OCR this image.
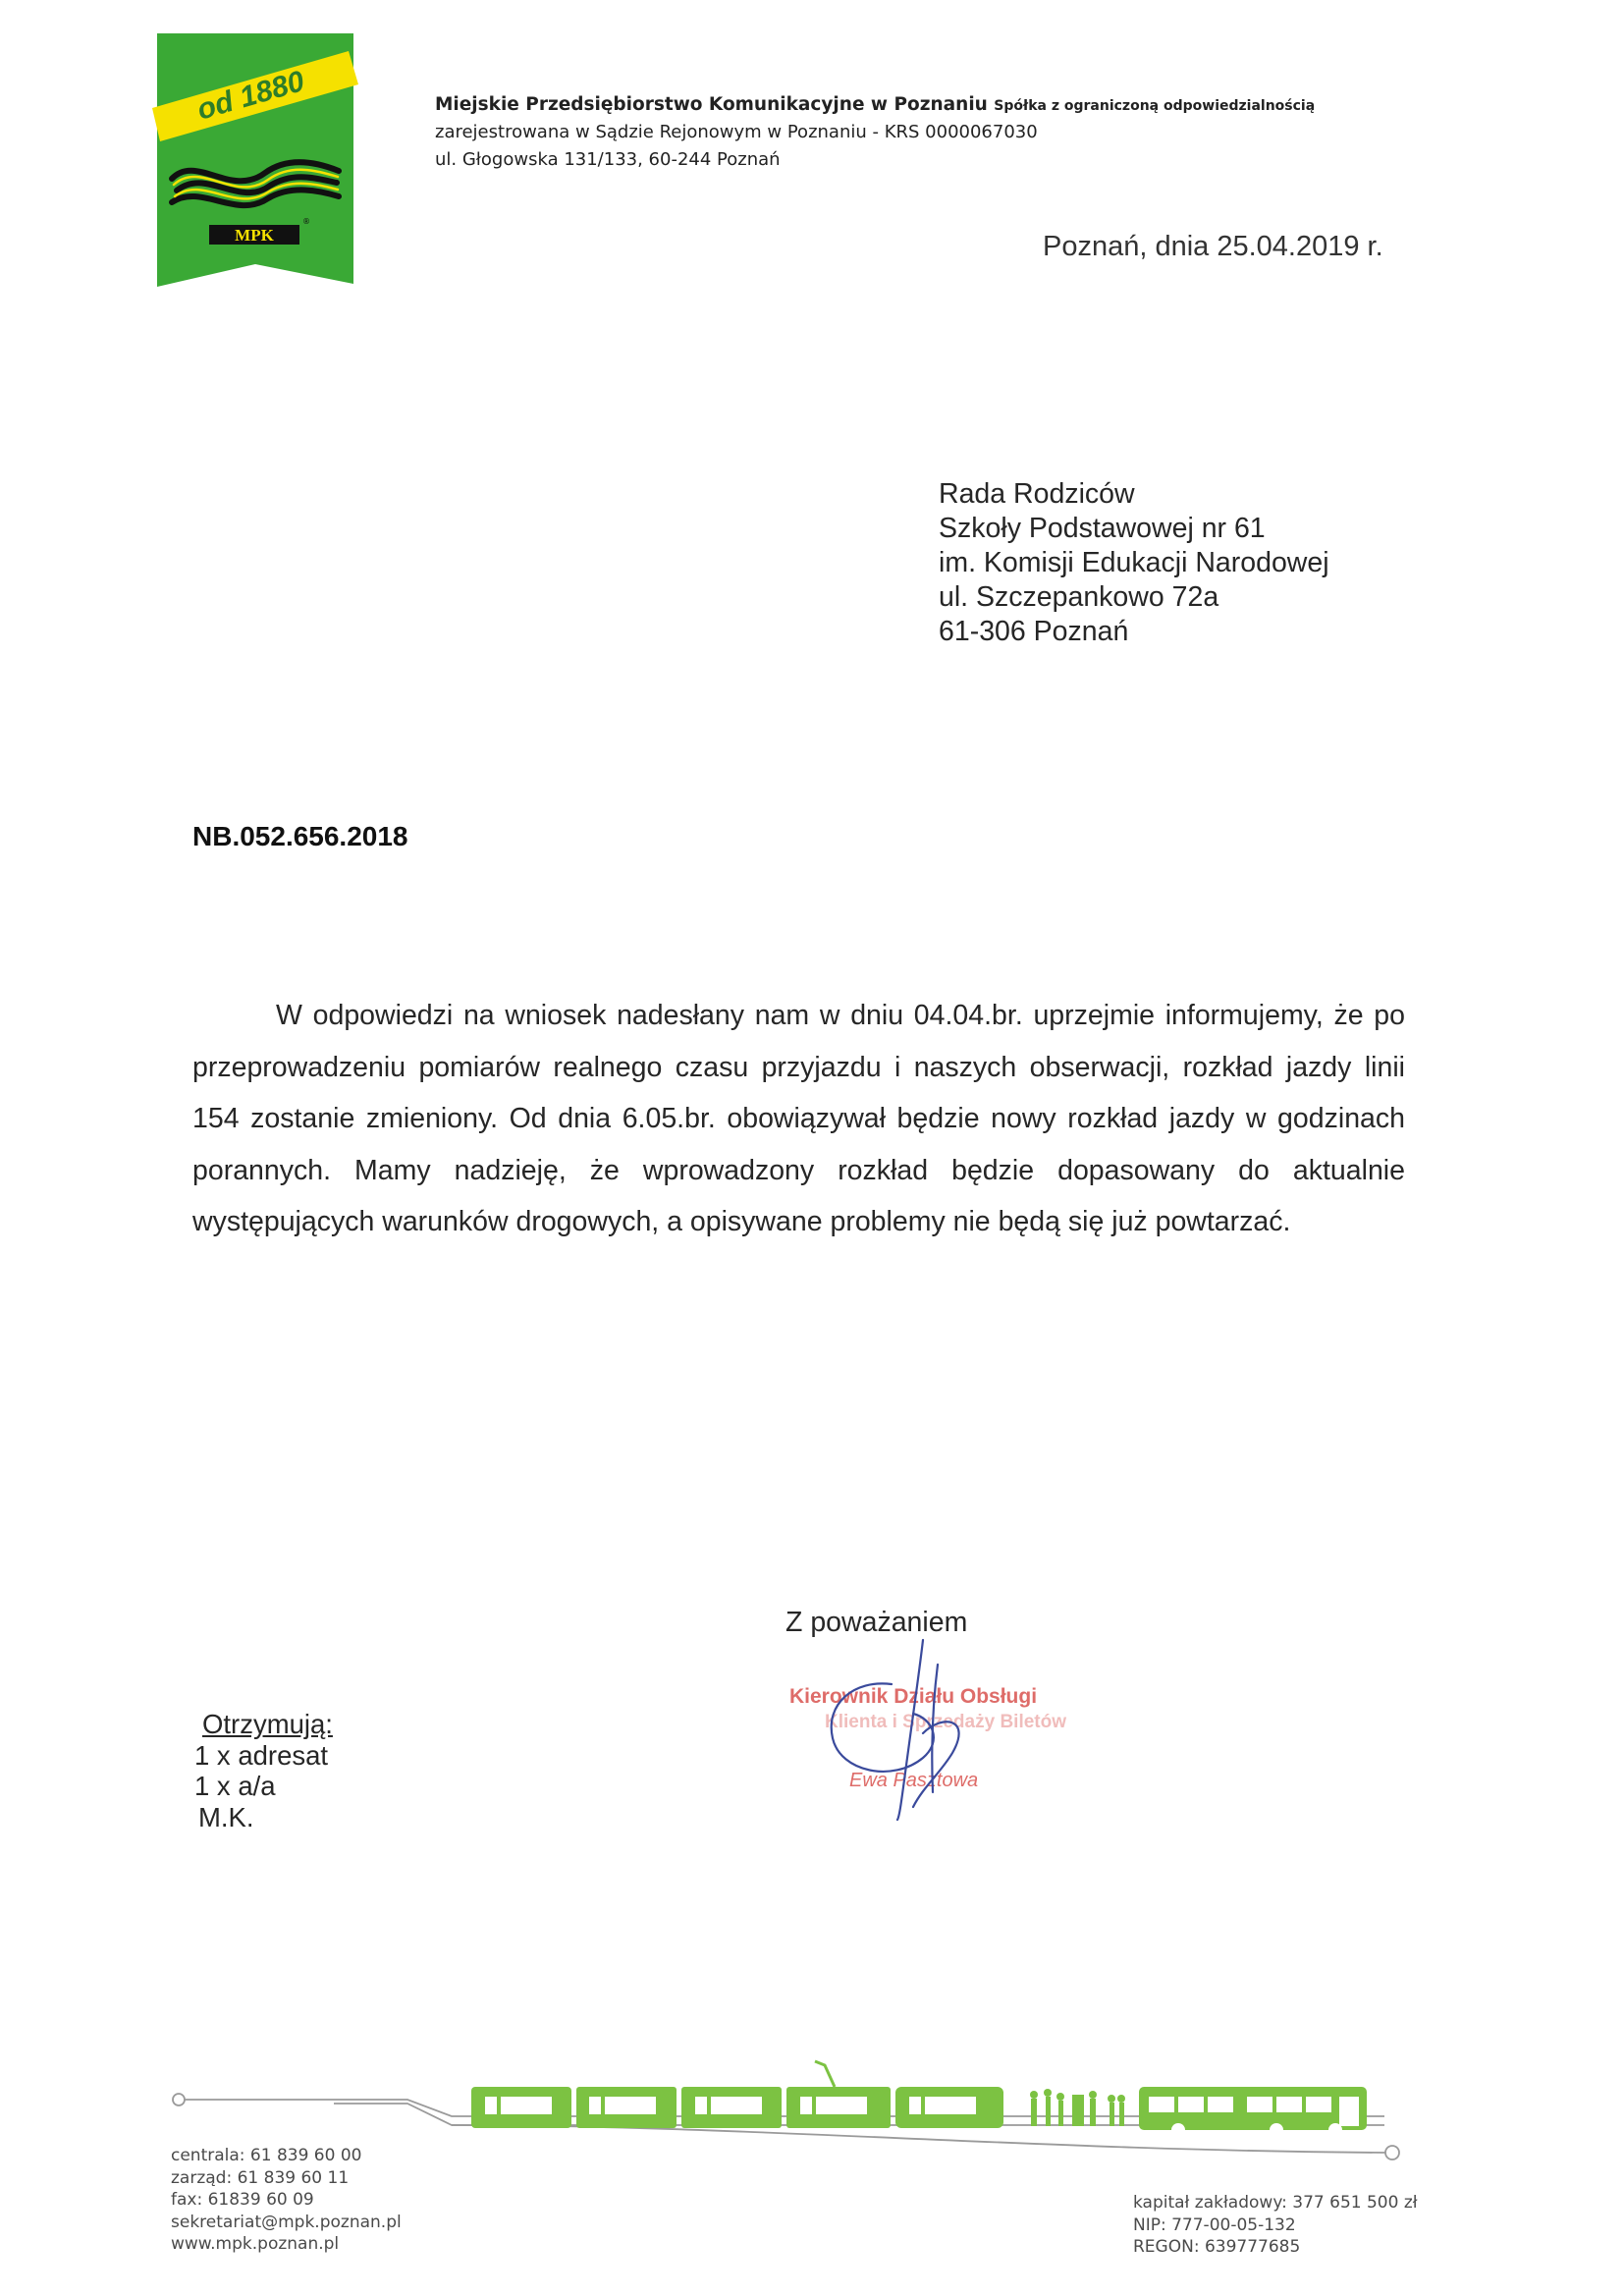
od 1880
MPK
®
Miejskie Przedsiębiorstwo Komunikacyjne w Poznaniu Spółka z ograniczoną odpowiedzialnością
zarejestrowana w Sądzie Rejonowym w Poznaniu - KRS 0000067030
ul. Głogowska 131/133, 60-244 Poznań
Poznań, dnia 25.04.2019 r.
Rada Rodziców
Szkoły Podstawowej nr 61
im. Komisji Edukacji Narodowej
ul. Szczepankowo 72a
61-306 Poznań
NB.052.656.2018

W odpowiedzi na wniosek nadesłany nam w dniu 04.04.br. uprzejmie informujemy, że po przeprowadzeniu pomiarów realnego czasu przyjazdu i naszych obserwacji, rozkład jazdy linii 154 zostanie zmieniony. Od dnia 6.05.br. obowiązywał będzie nowy rozkład jazdy w godzinach porannych. Mamy nadzieję, że wprowadzony rozkład będzie dopasowany do aktualnie występujących warunków drogowych, a opisywane problemy nie będą się już powtarzać.

Z poważaniem
Kierownik Działu Obsługi
Klienta i Sprzedaży Biletów
Ewa Pasztowa
Otrzymują:
1 x adresat
1 x a/a
M.K.
centrala: 61 839 60 00
zarząd: 61 839 60 11
fax: 61839 60 09
sekretariat@mpk.poznan.pl
www.mpk.poznan.pl
kapitał zakładowy: 377 651 500 zł
NIP: 777-00-05-132
REGON: 639777685
